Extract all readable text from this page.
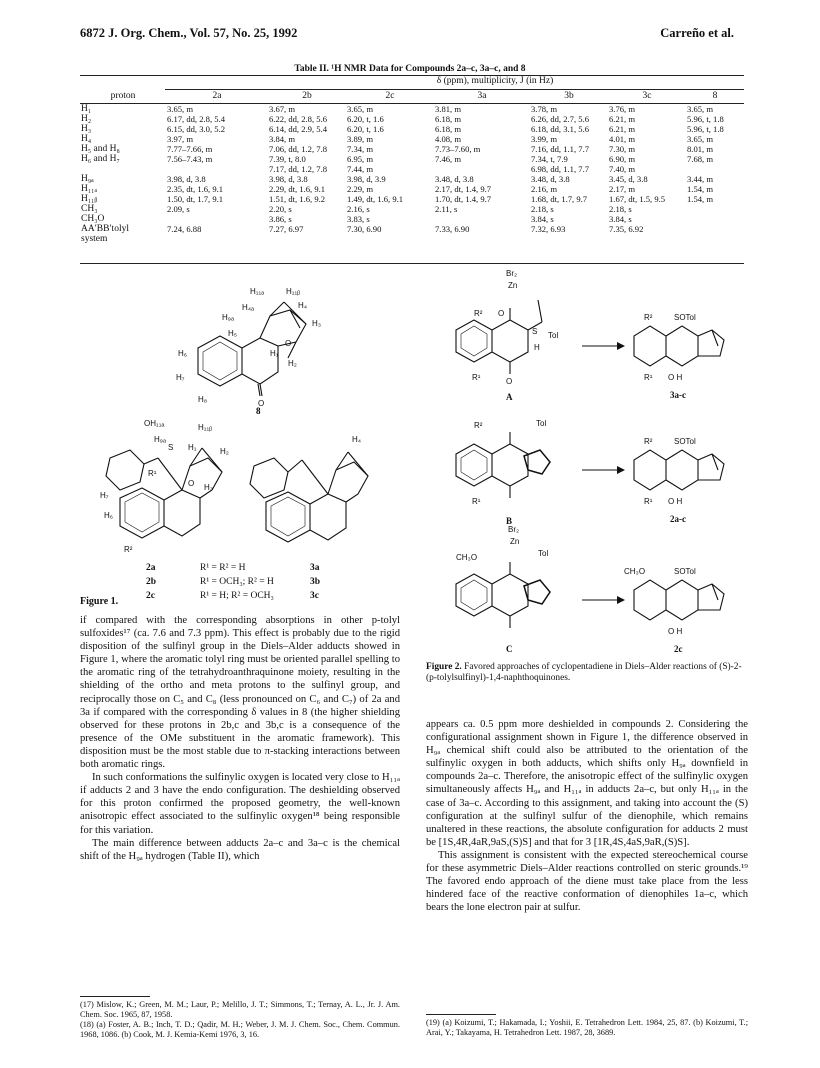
6872 J. Org. Chem., Vol. 57, No. 25, 1992	Carreño et al.
Table II. ¹H NMR Data for Compounds 2a–c, 3a–c, and 8
δ (ppm), multiplicity, J (in Hz)
proton	2a	2b	2c	3a	3b	3c	8
H₁	3.65, m	3.67, m	3.65, m	3.81, m	3.78, m	3.76, m	3.65, m
H₂	6.17, dd, 2.8, 5.4	6.22, dd, 2.8, 5.6	6.20, t, 1.6	6.18, m	6.26, dd, 2.7, 5.6	6.21, m	5.96, t, 1.8
H₃	6.15, dd, 3.0, 5.2	6.14, dd, 2.9, 5.4	6.20, t, 1.6	6.18, m	6.18, dd, 3.1, 5.6	6.21, m	5.96, t, 1.8
H₄	3.97, m	3.84, m	3.89, m	4.08, m	3.99, m	4.01, m	3.65, m
H₅ and H₈	7.77–7.66, m	7.06, dd, 1.2, 7.8	7.34, m	7.73–7.60, m	7.16, dd, 1.1, 7.7	7.30, m	8.01, m
H₆ and H₇	7.56–7.43, m	7.39, t, 8.0	6.95, m	7.46, m	7.34, t, 7.9	6.90, m	7.68, m
		7.17, dd, 1.2, 7.8	7.44, m		6.98, dd, 1.1, 7.7	7.40, m	
H₉ₐ	3.98, d, 3.8	3.98, d, 3.8	3.98, d, 3.9	3.48, d, 3.8	3.48, d, 3.8	3.45, d, 3.8	3.44, m
H₁₁ₐ	2.35, dt, 1.6, 9.1	2.29, dt, 1.6, 9.1	2.29, m	2.17, dt, 1.4, 9.7	2.16, m	2.17, m	1.54, m
H₁₁ᵦ	1.50, dt, 1.7, 9.1	1.51, dt, 1.6, 9.2	1.49, dt, 1.6, 9.1	1.70, dt, 1.4, 9.7	1.68, dt, 1.7, 9.7	1.67, dt, 1.5, 9.5	1.54, m
CH₃	2.09, s	2.20, s	2.16, s	2.11, s	2.18, s	2.18, s	
CH₃O		3.86, s	3.83, s		3.84, s	3.84, s	
AA′BB′tolyl	7.24, 6.88	7.27, 6.97	7.30, 6.90	7.33, 6.90	7.32, 6.93	7.35, 6.92	
system							
H₁₁ₐ	H₁₁ᵦ
H₄ₐ	H₄
H₉ₐ
H₃
H₅
H₆	H₁
H₂
H₇
H₈
O
O
8
OH₁₁ₐ	H₁₁ᵦ
H₉ₐ
H₁
R¹
H₂
H₇
O H₃
H₆
R²
S
H₄
2a	R¹ = R² = H	3a
2b	R¹ = OCH₃; R² = H	3b
2c	R¹ = H; R² = OCH₃	3c
Figure 1.
Br₂
Zn
R² O
Tol
S
H
R¹	O
R²	SOTol
R¹ O H
R²	Tol
R¹
R²	SOTol
R¹ O H
Br₂
Zn
CH₃O	Tol
CH₃O	SOTol
O H
A	3a-c
B	2a-c
C	2c
Figure 2. Favored approaches of cyclopentadiene in Diels–Alder reactions of (S)-2-(p-tolylsulfinyl)-1,4-naphthoquinones.

if compared with the corresponding absorptions in other p-tolyl sulfoxides¹⁷ (ca. 7.6 and 7.3 ppm). This effect is probably due to the rigid disposition of the sulfinyl group in the Diels–Alder adducts showed in Figure 1, where the aromatic tolyl ring must be oriented parallel spelling to the aromatic ring of the tetrahydroanthraquinone moiety, resulting in the shielding of the ortho and meta protons to the sulfinyl group, and reciprocally those on C₅ and C₈ (less pronounced on C₆ and C₇) of 2a and 3a if compared with the corresponding δ values in 8 (the higher shielding observed for these protons in 2b,c and 3b,c is a consequence of the presence of the OMe substituent in the aromatic framework). This disposition must be the most stable due to π-stacking interactions between both aromatic rings.

In such conformations the sulfinylic oxygen is located very close to H₁₁ₐ if adducts 2 and 3 have the endo configuration. The deshielding observed for this proton confirmed the proposed geometry, the well-known anisotropic effect associated to the sulfinylic oxygen¹⁸ being responsible for this variation.

The main difference between adducts 2a–c and 3a–c is the chemical shift of the H₉ₐ hydrogen (Table II), which

appears ca. 0.5 ppm more deshielded in compounds 2. Considering the configurational assignment shown in Figure 1, the difference observed in H₉ₐ chemical shift could also be attributed to the orientation of the sulfinylic oxygen in both adducts, which shifts only H₉ₐ downfield in compounds 2a–c. Therefore, the anisotropic effect of the sulfinylic oxygen simultaneously affects H₉ₐ and H₁₁ₐ in adducts 2a–c, but only H₁₁ₐ in the case of 3a–c. According to this assignment, and taking into account the (S) configuration at the sulfinyl sulfur of the dienophile, which remains unaltered in these reactions, the absolute configuration for adducts 2 must be [1S,4R,4aR,9aS,(S)S] and that for 3 [1R,4S,4aS,9aR,(S)S].

This assignment is consistent with the expected stereochemical course for these asymmetric Diels–Alder reactions controlled on steric grounds.¹⁹ The favored endo approach of the diene must take place from the less hindered face of the reactive conformation of dienophiles 1a–c, which bears the lone electron pair at sulfur.

(17) Mislow, K.; Green, M. M.; Laur, P.; Melillo, J. T.; Simmons, T.; Ternay, A. L., Jr. J. Am. Chem. Soc. 1965, 87, 1958.
(18) (a) Foster, A. B.; Inch, T. D.; Qadir, M. H.; Weber, J. M. J. Chem. Soc., Chem. Commun. 1968, 1086. (b) Cook, M. J. Kemia-Kemi 1976, 3, 16.
(19) (a) Koizumi, T.; Hakamada, I.; Yoshii, E. Tetrahedron Lett. 1984, 25, 87. (b) Koizumi, T.; Arai, Y.; Takayama, H. Tetrahedron Lett. 1987, 28, 3689.
